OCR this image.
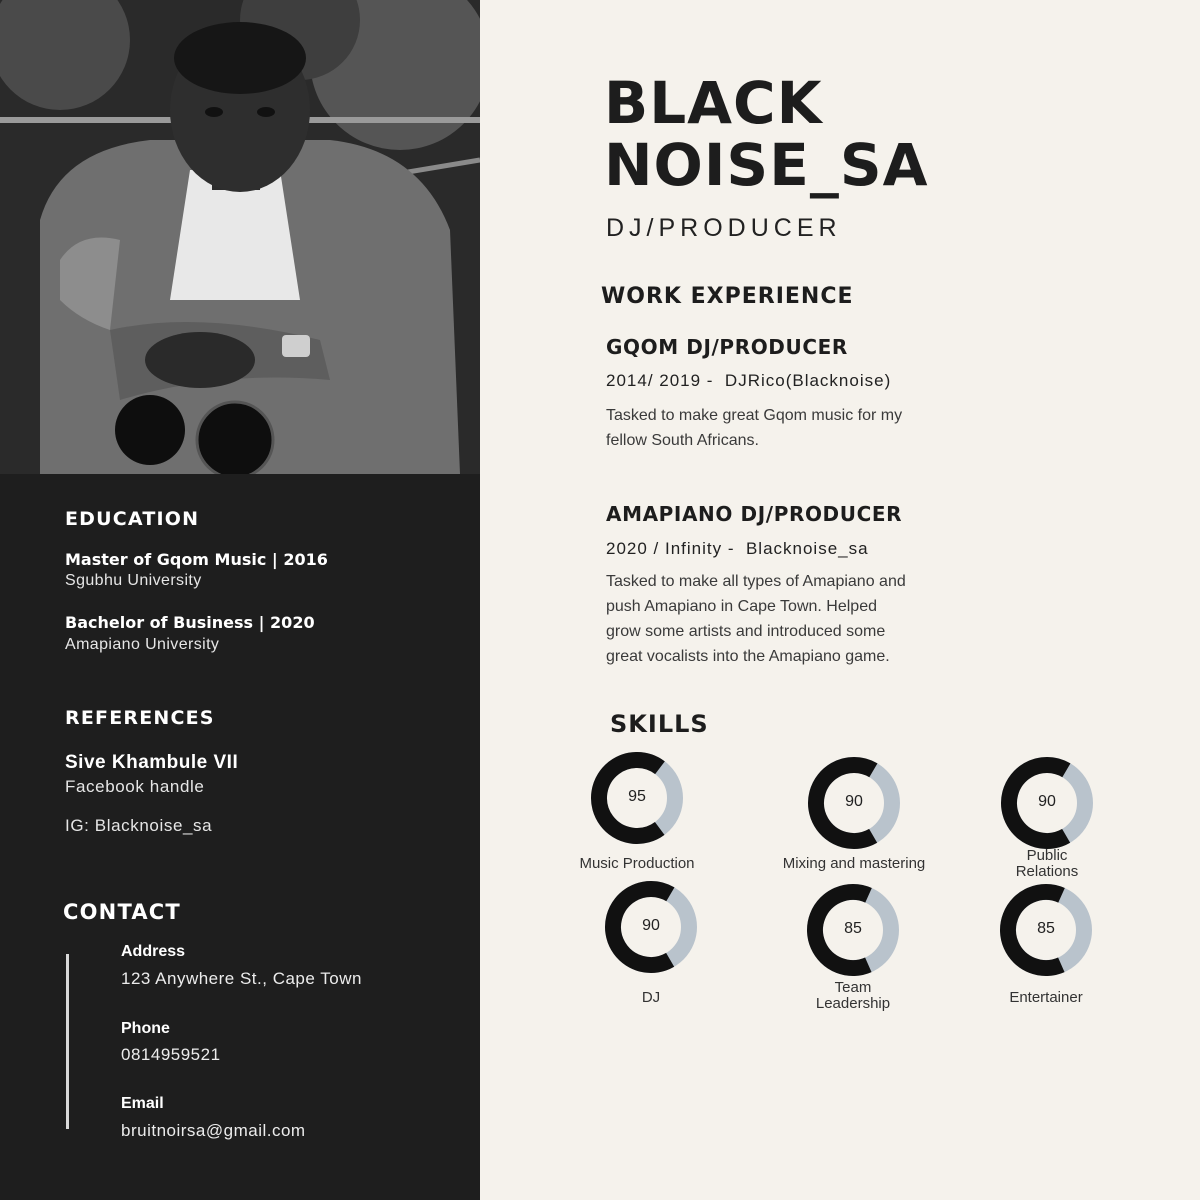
EDUCATION
Master of Gqom Music | 2016
Sgubhu University
Bachelor of Business | 2020
Amapiano University
REFERENCES
Sive Khambule VII
Facebook handle
IG: Blacknoise_sa
CONTACT
Address
123 Anywhere St., Cape Town
Phone
0814959521
Email
bruitnoirsa@gmail.com
BLACK
NOISE_SA
DJ/PRODUCER
WORK EXPERIENCE
GQOM DJ/PRODUCER
2014/ 2019 -  DJRico(Blacknoise)
Tasked to make great Gqom music for my
fellow South Africans.
AMAPIANO DJ/PRODUCER
2020 / Infinity -  Blacknoise_sa
Tasked to make all types of Amapiano and
push Amapiano in Cape Town. Helped
grow some artists and introduced some
great vocalists into the Amapiano game.
SKILLS
95
Music Production
90
Mixing and mastering
90
Public
Relations
90
DJ
85
Team
Leadership
85
Entertainer
